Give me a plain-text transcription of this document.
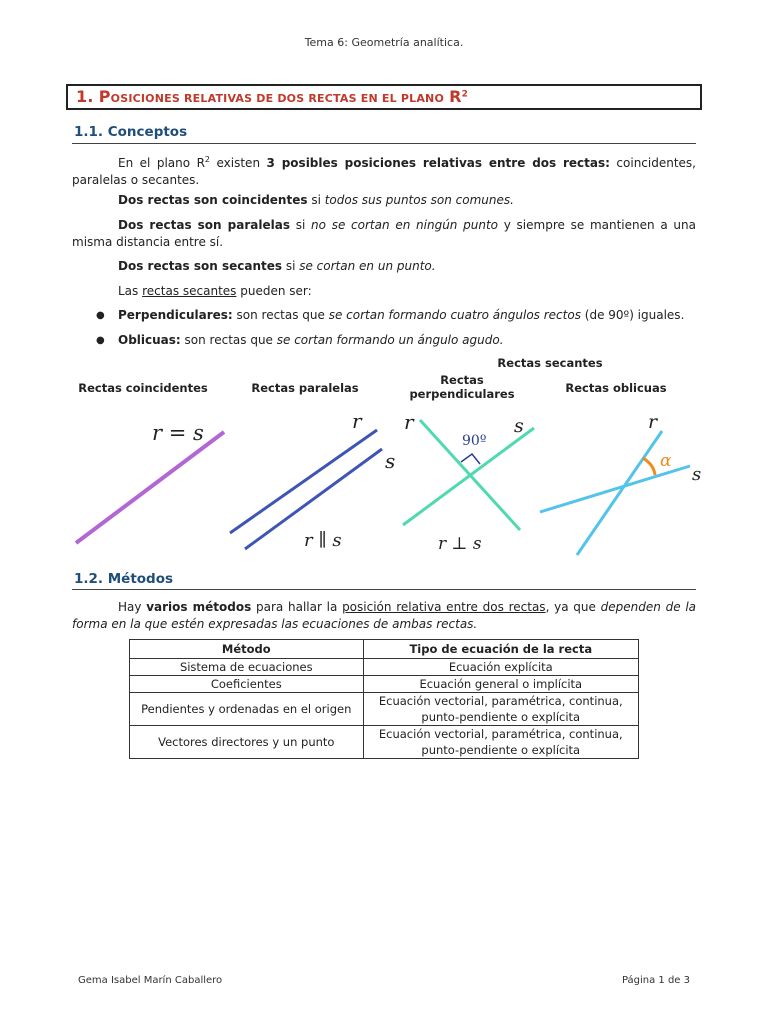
Tema 6: Geometría analítica.
1. POSICIONES RELATIVAS DE DOS RECTAS EN EL PLANO $R^2$
1.1. Conceptos
En el plano $R^2$ existen 3 posibles posiciones relativas entre dos rectas: coincidentes, paralelas o secantes.
Dos rectas son coincidentes si todos sus puntos son comunes.
Dos rectas son paralelas si no se cortan en ningún punto y siempre se mantienen a una misma distancia entre sí.
Dos rectas son secantes si se cortan en un punto.
Las rectas secantes pueden ser:
● Perpendiculares: son rectas que se cortan formando cuatro ángulos rectos (de 90º) iguales.
● Oblicuas: son rectas que se cortan formando un ángulo agudo.
Rectas secantes
Rectas coincidentes	Rectas paralelas
Rectas
perpendiculares	Rectas oblicuas
r = s	r
s
r ∥ s
r	s
90º
r ⊥ s
r
s
α
1.2. Métodos
Hay varios métodos para hallar la posición relativa entre dos rectas, ya que dependen de la forma en la que estén expresadas las ecuaciones de ambas rectas.
Método	Tipo de ecuación de la recta
Sistema de ecuaciones	Ecuación explícita
Coeficientes	Ecuación general o implícita
Pendientes y ordenadas en el origen	Ecuación vectorial, paramétrica, continua,
punto-pendiente o explícita

Vectores directores y un punto	Ecuación vectorial, paramétrica, continua,
punto-pendiente o explícita
Gema Isabel Marín Caballero	Página 1 de 3
